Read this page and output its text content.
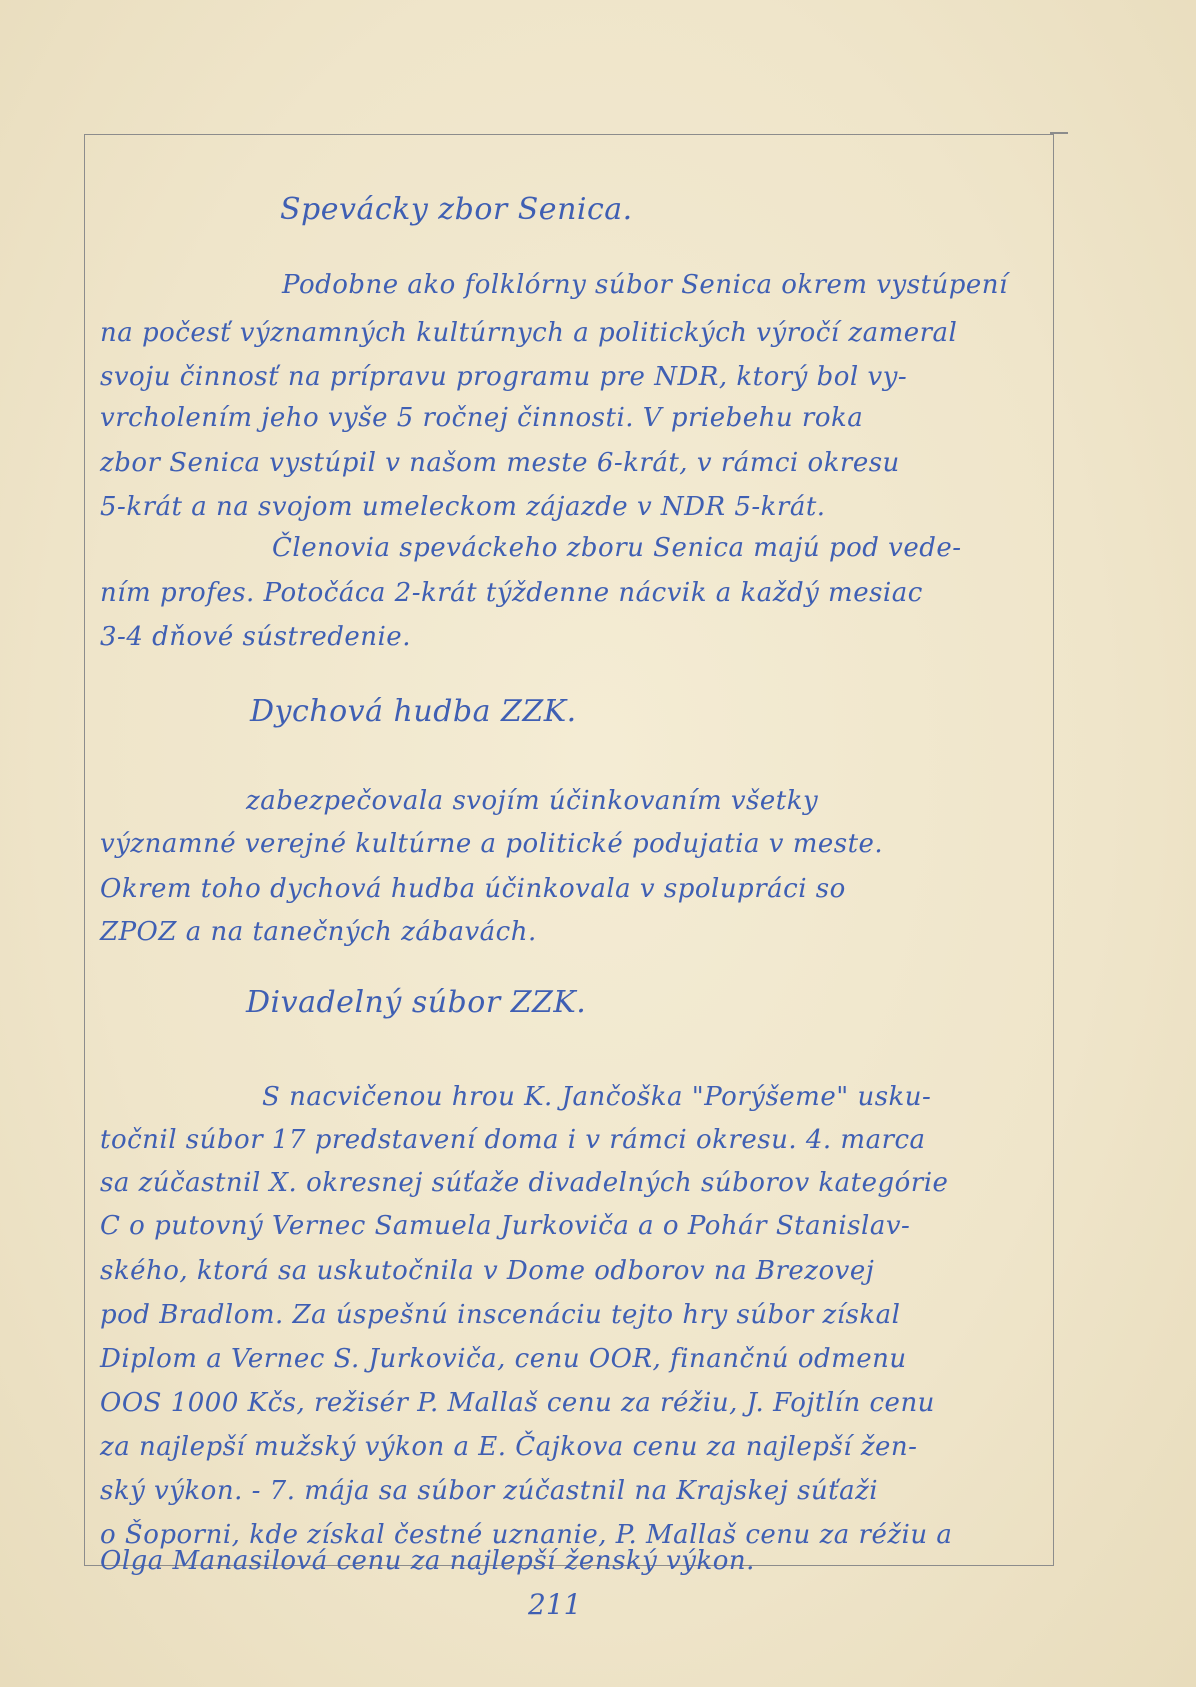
Spevácky zbor Senica.
Podobne ako folklórny súbor Senica okrem vystúpení
na počesť významných kultúrnych a politických výročí zameral
svoju činnosť na prípravu programu pre NDR, ktorý bol vy-
vrcholením jeho vyše 5 ročnej činnosti. V priebehu roka
zbor Senica vystúpil v našom meste 6-krát, v rámci okresu
5-krát a na svojom umeleckom zájazde v NDR 5-krát.
Členovia speváckeho zboru Senica majú pod vede-
ním profes. Potočáca 2-krát týždenne nácvik a každý mesiac
3-4 dňové sústredenie.
Dychová hudba ZZK.
zabezpečovala svojím účinkovaním všetky
významné verejné kultúrne a politické podujatia v meste.
Okrem toho dychová hudba účinkovala v spolupráci so
ZPOZ a na tanečných zábavách.
Divadelný súbor ZZK.
S nacvičenou hrou K. Jančoška "Porýšeme" usku-
točnil súbor 17 predstavení doma i v rámci okresu. 4. marca
sa zúčastnil X. okresnej súťaže divadelných súborov kategórie
C o putovný Vernec Samuela Jurkoviča a o Pohár Stanislav-
ského, ktorá sa uskutočnila v Dome odborov na Brezovej
pod Bradlom. Za úspešnú inscenáciu tejto hry súbor získal
Diplom a Vernec S. Jurkoviča, cenu OOR, finančnú odmenu
OOS 1000 Kčs, režisér P. Mallaš cenu za réžiu, J. Fojtlín cenu
za najlepší mužský výkon a E. Čajkova cenu za najlepší žen-
ský výkon. - 7. mája sa súbor zúčastnil na Krajskej súťaži
o Šoporni, kde získal čestné uznanie, P. Mallaš cenu za réžiu a
211
Olga Manasilová cenu za najlepší ženský výkon.
